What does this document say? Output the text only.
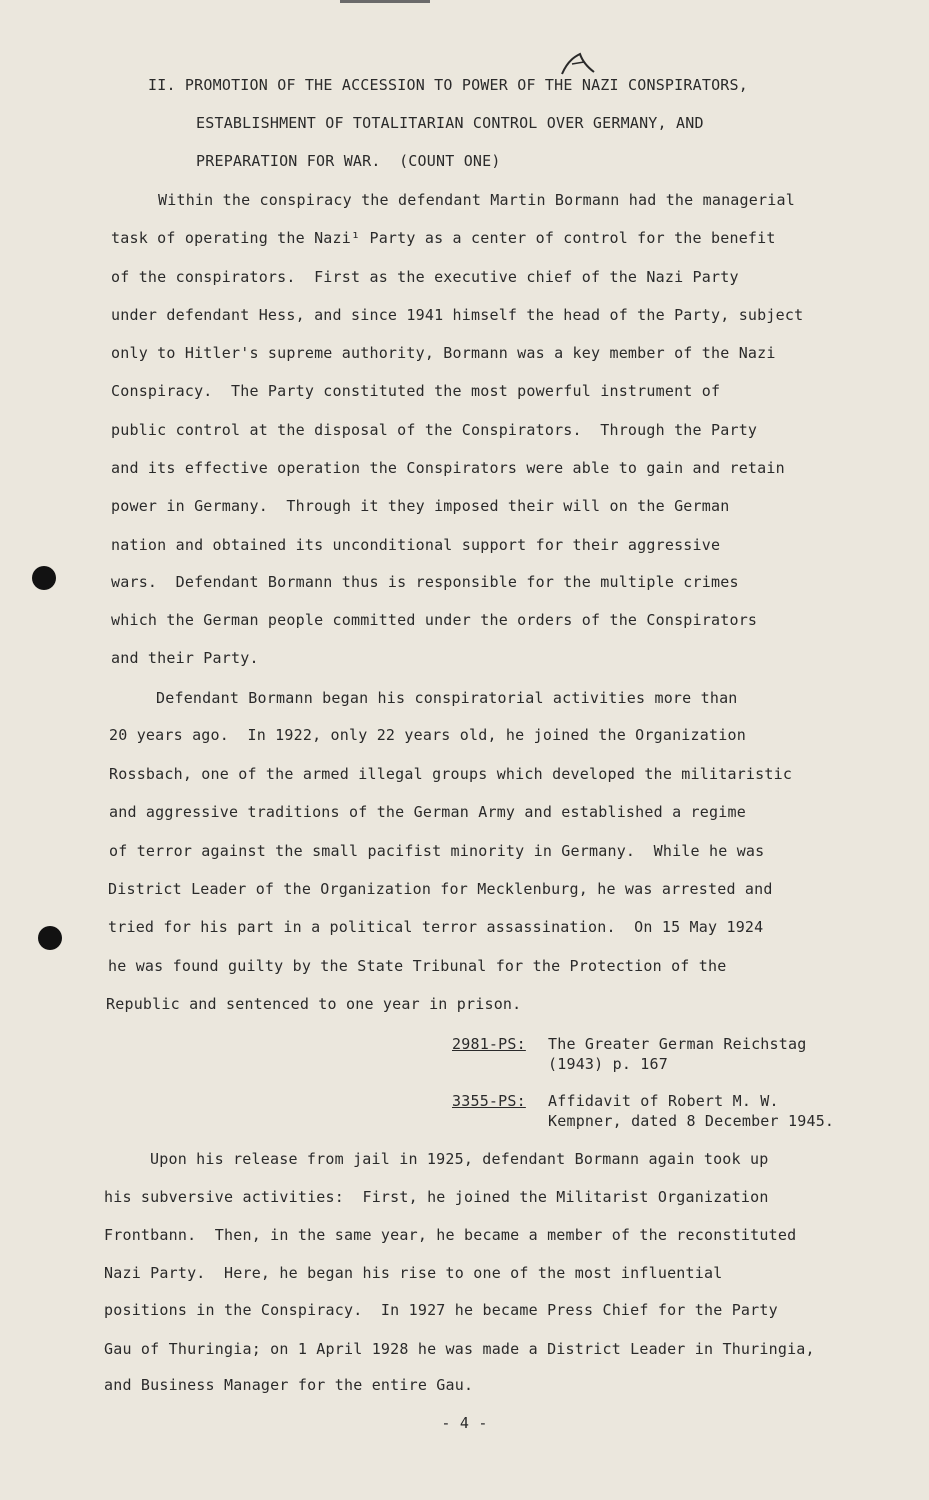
II. PROMOTION OF THE ACCESSION TO POWER OF THE NAZI CONSPIRATORS,
ESTABLISHMENT OF TOTALITARIAN CONTROL OVER GERMANY, AND
PREPARATION FOR WAR.  (COUNT ONE)
Within the conspiracy the defendant Martin Bormann had the managerial
task of operating the Nazi¹ Party as a center of control for the benefit
of the conspirators.  First as the executive chief of the Nazi Party
under defendant Hess, and since 1941 himself the head of the Party, subject
only to Hitler's supreme authority, Bormann was a key member of the Nazi
Conspiracy.  The Party constituted the most powerful instrument of
public control at the disposal of the Conspirators.  Through the Party
and its effective operation the Conspirators were able to gain and retain
power in Germany.  Through it they imposed their will on the German
nation and obtained its unconditional support for their aggressive
wars.  Defendant Bormann thus is responsible for the multiple crimes
which the German people committed under the orders of the Conspirators
and their Party.
Defendant Bormann began his conspiratorial activities more than
20 years ago.  In 1922, only 22 years old, he joined the Organization
Rossbach, one of the armed illegal groups which developed the militaristic
and aggressive traditions of the German Army and established a regime
of terror against the small pacifist minority in Germany.  While he was
District Leader of the Organization for Mecklenburg, he was arrested and
tried for his part in a political terror assassination.  On 15 May 1924
he was found guilty by the State Tribunal for the Protection of the
Republic and sentenced to one year in prison.
2981-PS: The Greater German Reichstag
(1943) p. 167
3355-PS: Affidavit of Robert M. W.
Kempner, dated 8 December 1945.
Upon his release from jail in 1925, defendant Bormann again took up
his subversive activities:  First, he joined the Militarist Organization
Frontbann.  Then, in the same year, he became a member of the reconstituted
Nazi Party.  Here, he began his rise to one of the most influential
positions in the Conspiracy.  In 1927 he became Press Chief for the Party
Gau of Thuringia; on 1 April 1928 he was made a District Leader in Thuringia,
and Business Manager for the entire Gau.
- 4 -
